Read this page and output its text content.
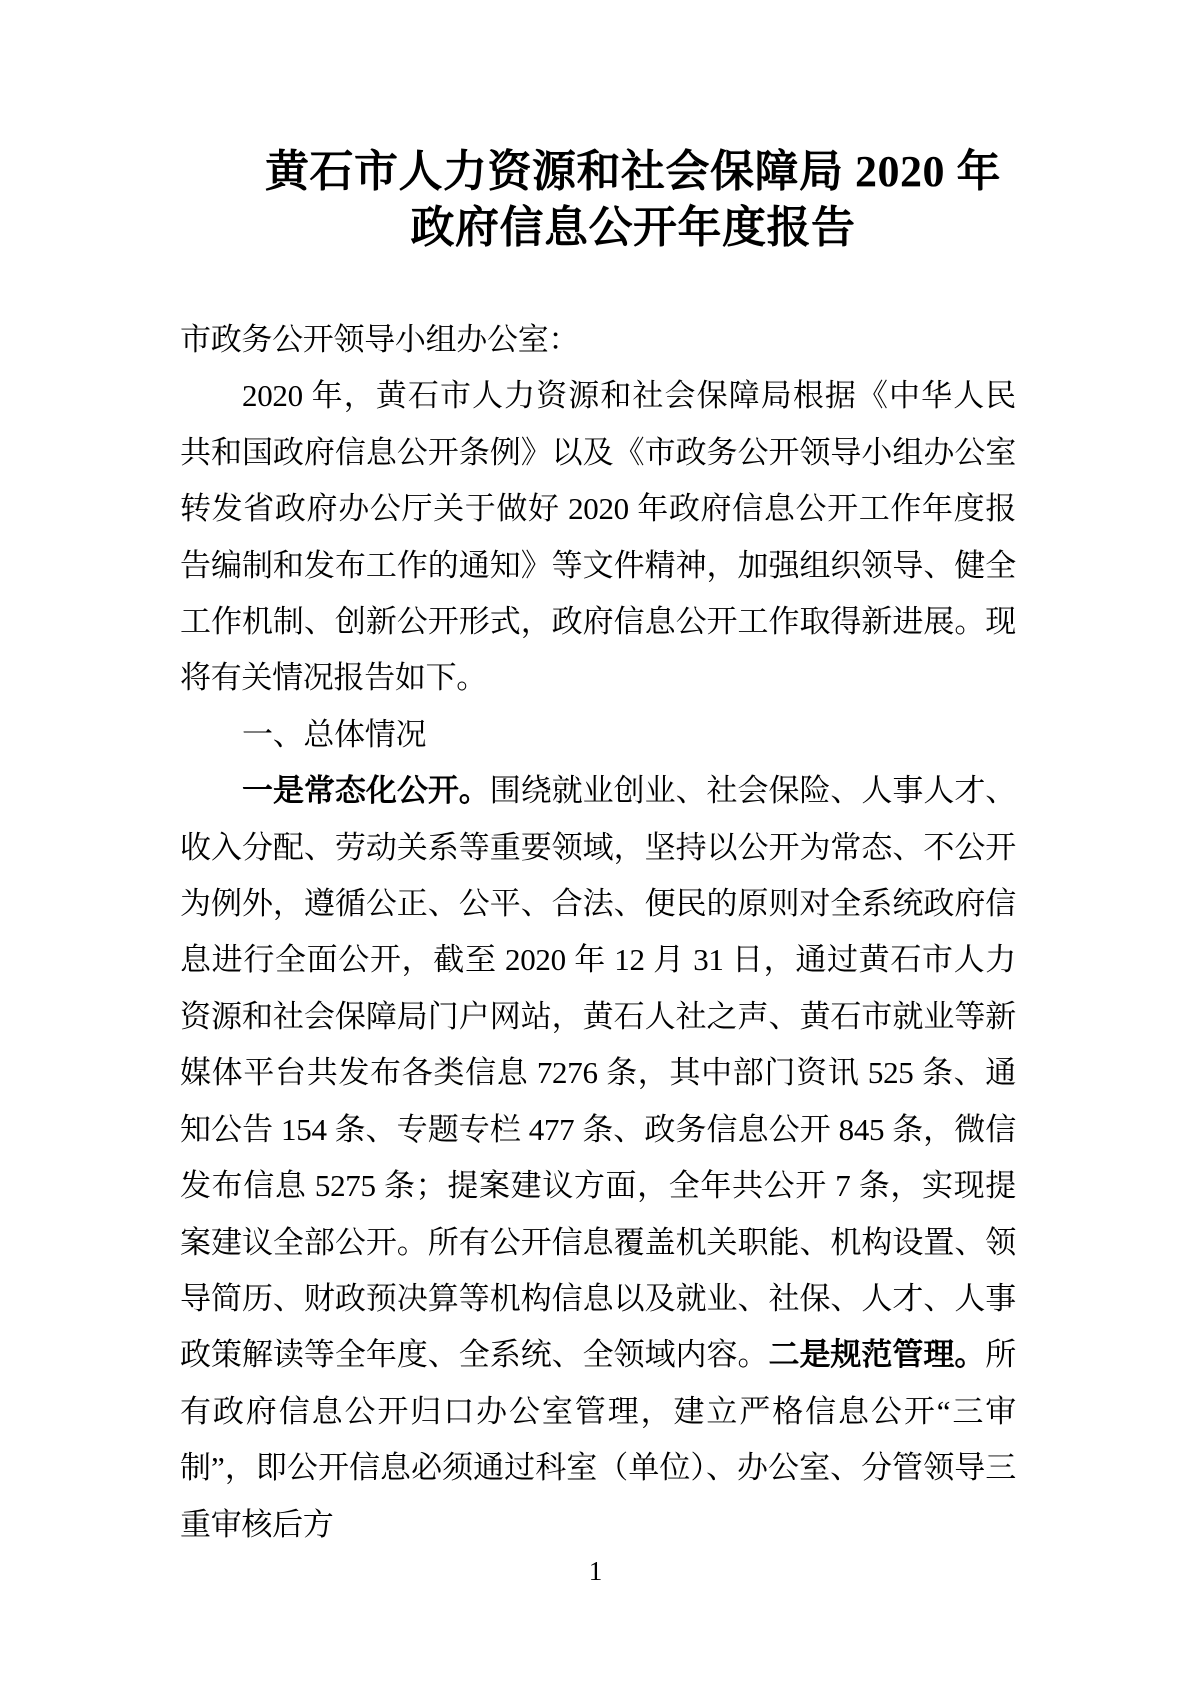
黄石市人力资源和社会保障局 2020 年
政府信息公开年度报告

市政务公开领导小组办公室：

2020 年，黄石市人力资源和社会保障局根据《中华人民共和国政府信息公开条例》以及《市政务公开领导小组办公室转发省政府办公厅关于做好 2020 年政府信息公开工作年度报告编制和发布工作的通知》等文件精神，加强组织领导、健全工作机制、创新公开形式，政府信息公开工作取得新进展。现将有关情况报告如下。

一、总体情况

一是常态化公开。围绕就业创业、社会保险、人事人才、收入分配、劳动关系等重要领域，坚持以公开为常态、不公开为例外，遵循公正、公平、合法、便民的原则对全系统政府信息进行全面公开，截至 2020 年 12 月 31 日，通过黄石市人力资源和社会保障局门户网站，黄石人社之声、黄石市就业等新媒体平台共发布各类信息 7276 条，其中部门资讯 525 条、通知公告 154 条、专题专栏 477 条、政务信息公开 845 条，微信发布信息 5275 条；提案建议方面，全年共公开 7 条，实现提案建议全部公开。所有公开信息覆盖机关职能、机构设置、领导简历、财政预决算等机构信息以及就业、社保、人才、人事政策解读等全年度、全系统、全领域内容。二是规范管理。所有政府信息公开归口办公室管理，建立严格信息公开“三审制”，即公开信息必须通过科室（单位）、办公室、分管领导三重审核后方

1
